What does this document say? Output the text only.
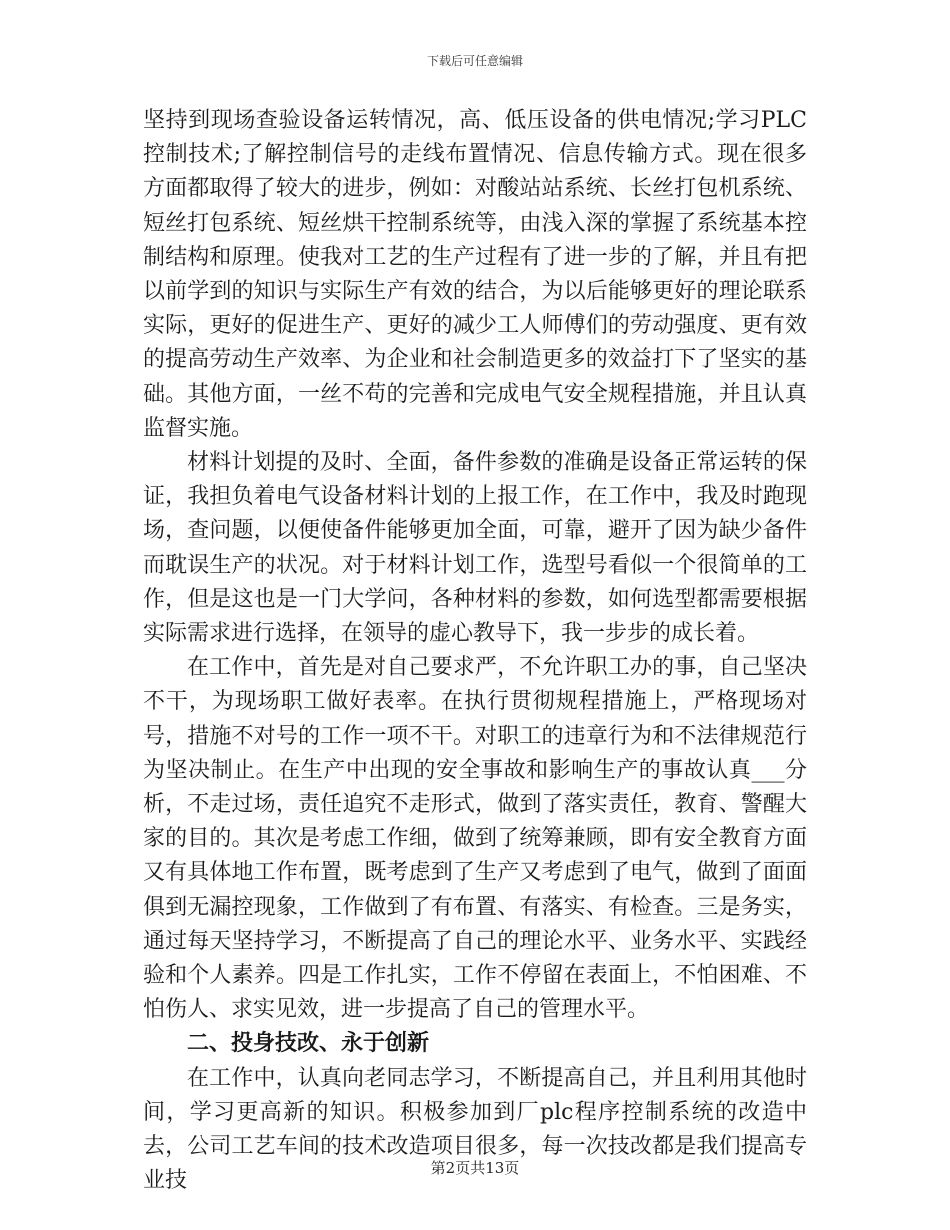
下载后可任意编辑

坚持到现场查验设备运转情况，高、低压设备的供电情况;学习PLC控制技术;了解控制信号的走线布置情况、信息传输方式。现在很多方面都取得了较大的进步，例如：对酸站站系统、长丝打包机系统、短丝打包系统、短丝烘干控制系统等，由浅入深的掌握了系统基本控制结构和原理。使我对工艺的生产过程有了进一步的了解，并且有把以前学到的知识与实际生产有效的结合，为以后能够更好的理论联系实际，更好的促进生产、更好的减少工人师傅们的劳动强度、更有效的提高劳动生产效率、为企业和社会制造更多的效益打下了坚实的基础。其他方面，一丝不苟的完善和完成电气安全规程措施，并且认真监督实施。

材料计划提的及时、全面，备件参数的准确是设备正常运转的保证，我担负着电气设备材料计划的上报工作，在工作中，我及时跑现场，查问题，以便使备件能够更加全面，可靠，避开了因为缺少备件而耽误生产的状况。对于材料计划工作，选型号看似一个很简单的工作，但是这也是一门大学问，各种材料的参数，如何选型都需要根据实际需求进行选择，在领导的虚心教导下，我一步步的成长着。

在工作中，首先是对自己要求严，不允许职工办的事，自己坚决不干，为现场职工做好表率。在执行贯彻规程措施上，严格现场对号，措施不对号的工作一项不干。对职工的违章行为和不法律规范行为坚决制止。在生产中出现的安全事故和影响生产的事故认真___分析，不走过场，责任追究不走形式，做到了落实责任，教育、警醒大家的目的。其次是考虑工作细，做到了统筹兼顾，即有安全教育方面又有具体地工作布置，既考虑到了生产又考虑到了电气，做到了面面俱到无漏控现象，工作做到了有布置、有落实、有检查。三是务实，通过每天坚持学习，不断提高了自己的理论水平、业务水平、实践经验和个人素养。四是工作扎实，工作不停留在表面上，不怕困难、不怕伤人、求实见效，进一步提高了自己的管理水平。

二、投身技改、永于创新

在工作中，认真向老同志学习，不断提高自己，并且利用其他时间，学习更高新的知识。积极参加到厂plc程序控制系统的改造中去，公司工艺车间的技术改造项目很多，每一次技改都是我们提高专业技

第2页共13页
